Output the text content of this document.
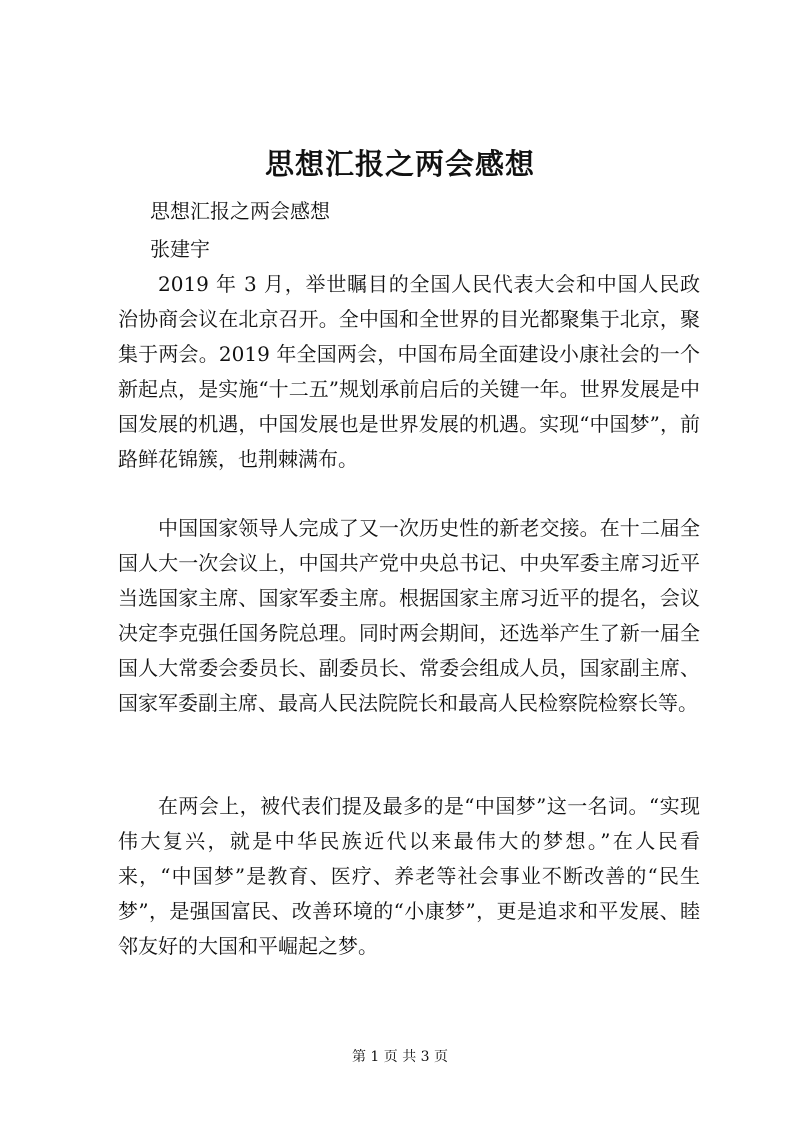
思想汇报之两会感想

思想汇报之两会感想

张建宇

2019 年 3 月，举世瞩目的全国人民代表大会和中国人民政治协商会议在北京召开。全中国和全世界的目光都聚集于北京，聚集于两会。2019 年全国两会，中国布局全面建设小康社会的一个新起点，是实施“十二五”规划承前启后的关键一年。世界发展是中国发展的机遇，中国发展也是世界发展的机遇。实现“中国梦”，前路鲜花锦簇，也荆棘满布。

中国国家领导人完成了又一次历史性的新老交接。在十二届全国人大一次会议上，中国共产党中央总书记、中央军委主席习近平当选国家主席、国家军委主席。根据国家主席习近平的提名，会议决定李克强任国务院总理。同时两会期间，还选举产生了新一届全国人大常委会委员长、副委员长、常委会组成人员，国家副主席、国家军委副主席、最高人民法院院长和最高人民检察院检察长等。

在两会上，被代表们提及最多的是“中国梦”这一名词。“实现伟大复兴，就是中华民族近代以来最伟大的梦想。”在人民看来，“中国梦”是教育、医疗、养老等社会事业不断改善的“民生梦”，是强国富民、改善环境的“小康梦”，更是追求和平发展、睦邻友好的大国和平崛起之梦。

第 1 页 共 3 页
